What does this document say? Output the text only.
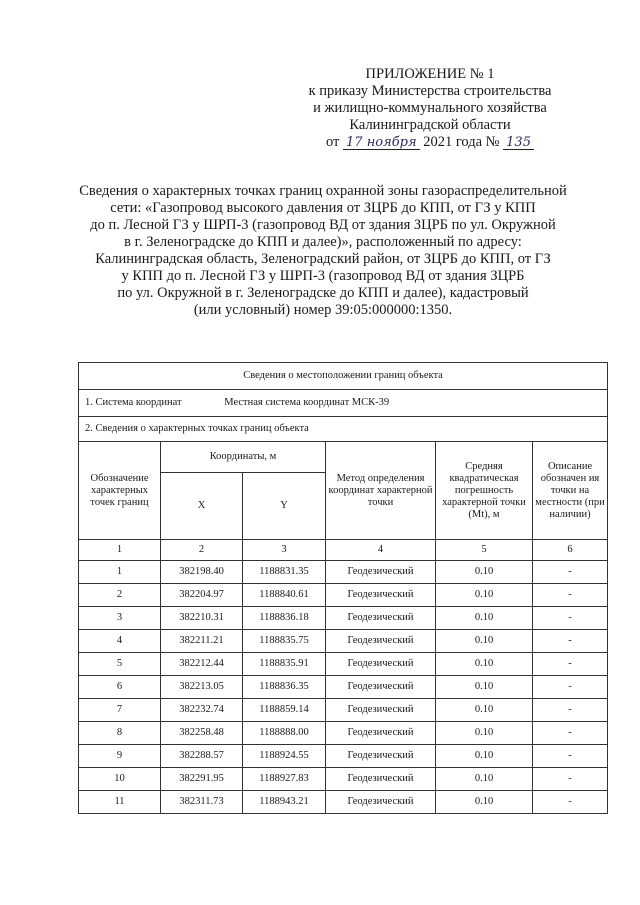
ПРИЛОЖЕНИЕ № 1
к приказу Министерства строительства
и жилищно-коммунального хозяйства
Калининградской области
от 17 ноября 2021 года № 135
Сведения о характерных точках границ охранной зоны газораспределительной
сети: «Газопровод высокого давления от ЗЦРБ до КПП, от ГЗ у КПП
до п. Лесной ГЗ у ШРП-3 (газопровод ВД от здания ЗЦРБ по ул. Окружной
в г. Зеленоградске до КПП и далее)», расположенный по адресу:
Калининградская область, Зеленоградский район, от ЗЦРБ до КПП, от ГЗ
у КПП до п. Лесной ГЗ у ШРП-3 (газопровод ВД от здания ЗЦРБ
по ул. Окружной в г. Зеленоградске до КПП и далее), кадастровый
(или условный) номер 39:05:000000:1350.
Сведения о местоположении границ объекта					
1. Система координат Местная система координат МСК-39					
2. Сведения о характерных точках границ объекта					
Обозначение характерных точек границ	Координаты, м		Метод определения координат характерной точки	Средняя квадратическая погрешность характерной точки (Mt), м	Описание обозначен ия точки на местности (при наличии)
	X	Y			
1	2	3	4	5	6
1	382198.40	1188831.35	Геодезический	0.10	-
2	382204.97	1188840.61	Геодезический	0.10	-
3	382210.31	1188836.18	Геодезический	0.10	-
4	382211.21	1188835.75	Геодезический	0.10	-
5	382212.44	1188835.91	Геодезический	0.10	-
6	382213.05	1188836.35	Геодезический	0.10	-
7	382232.74	1188859.14	Геодезический	0.10	-
8	382258.48	1188888.00	Геодезический	0.10	-
9	382288.57	1188924.55	Геодезический	0.10	-
10	382291.95	1188927.83	Геодезический	0.10	-
11	382311.73	1188943.21	Геодезический	0.10	-
